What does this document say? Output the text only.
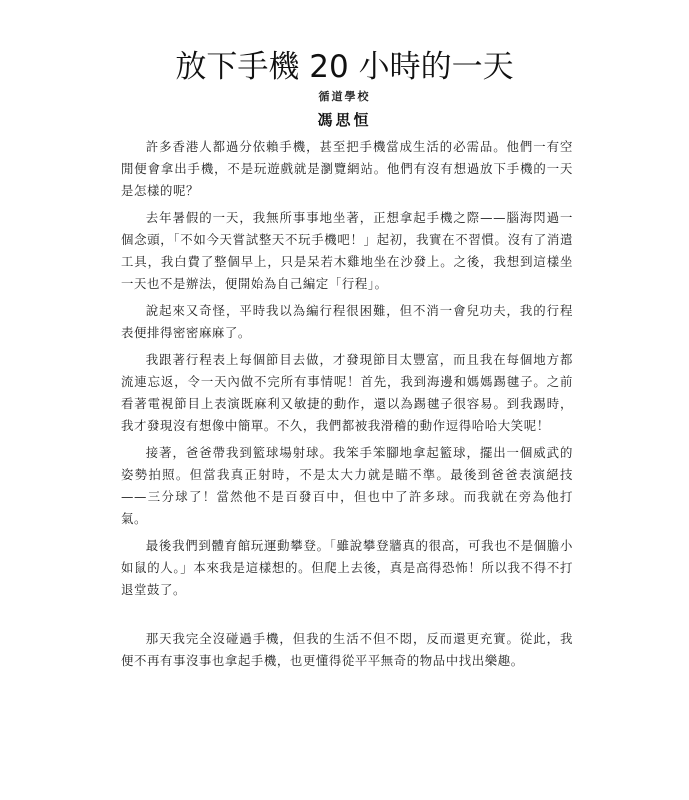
放下手機 20 小時的一天
循道學校
馮思恒

許多香港人都過分依賴手機，甚至把手機當成生活的必需品。他們一有空閒便會拿出手機，不是玩遊戲就是瀏覽網站。他們有沒有想過放下手機的一天是怎樣的呢？

去年暑假的一天，我無所事事地坐著，正想拿起手機之際——腦海閃過一個念頭，「不如今天嘗試整天不玩手機吧！」起初，我實在不習慣。沒有了消遣工具，我白費了整個早上，只是呆若木雞地坐在沙發上。之後，我想到這樣坐一天也不是辦法，便開始為自己編定「行程」。

說起來又奇怪，平時我以為編行程很困難，但不消一會兒功夫，我的行程表便排得密密麻麻了。

我跟著行程表上每個節目去做，才發現節目太豐富，而且我在每個地方都流連忘返，令一天內做不完所有事情呢！首先，我到海邊和媽媽踢毽子。之前看著電視節目上表演既麻利又敏捷的動作，還以為踢毽子很容易。到我踢時，我才發現沒有想像中簡單。不久，我們都被我滑稽的動作逗得哈哈大笑呢！

接著，爸爸帶我到籃球場射球。我笨手笨腳地拿起籃球，擺出一個威武的姿勢拍照。但當我真正射時，不是太大力就是瞄不準。最後到爸爸表演絕技——三分球了！當然他不是百發百中，但也中了許多球。而我就在旁為他打氣。

最後我們到體育館玩運動攀登。「雖說攀登牆真的很高，可我也不是個膽小如鼠的人。」本來我是這樣想的。但爬上去後，真是高得恐怖！所以我不得不打退堂鼓了。

那天我完全沒碰過手機，但我的生活不但不悶，反而還更充實。從此，我便不再有事沒事也拿起手機，也更懂得從平平無奇的物品中找出樂趣。
